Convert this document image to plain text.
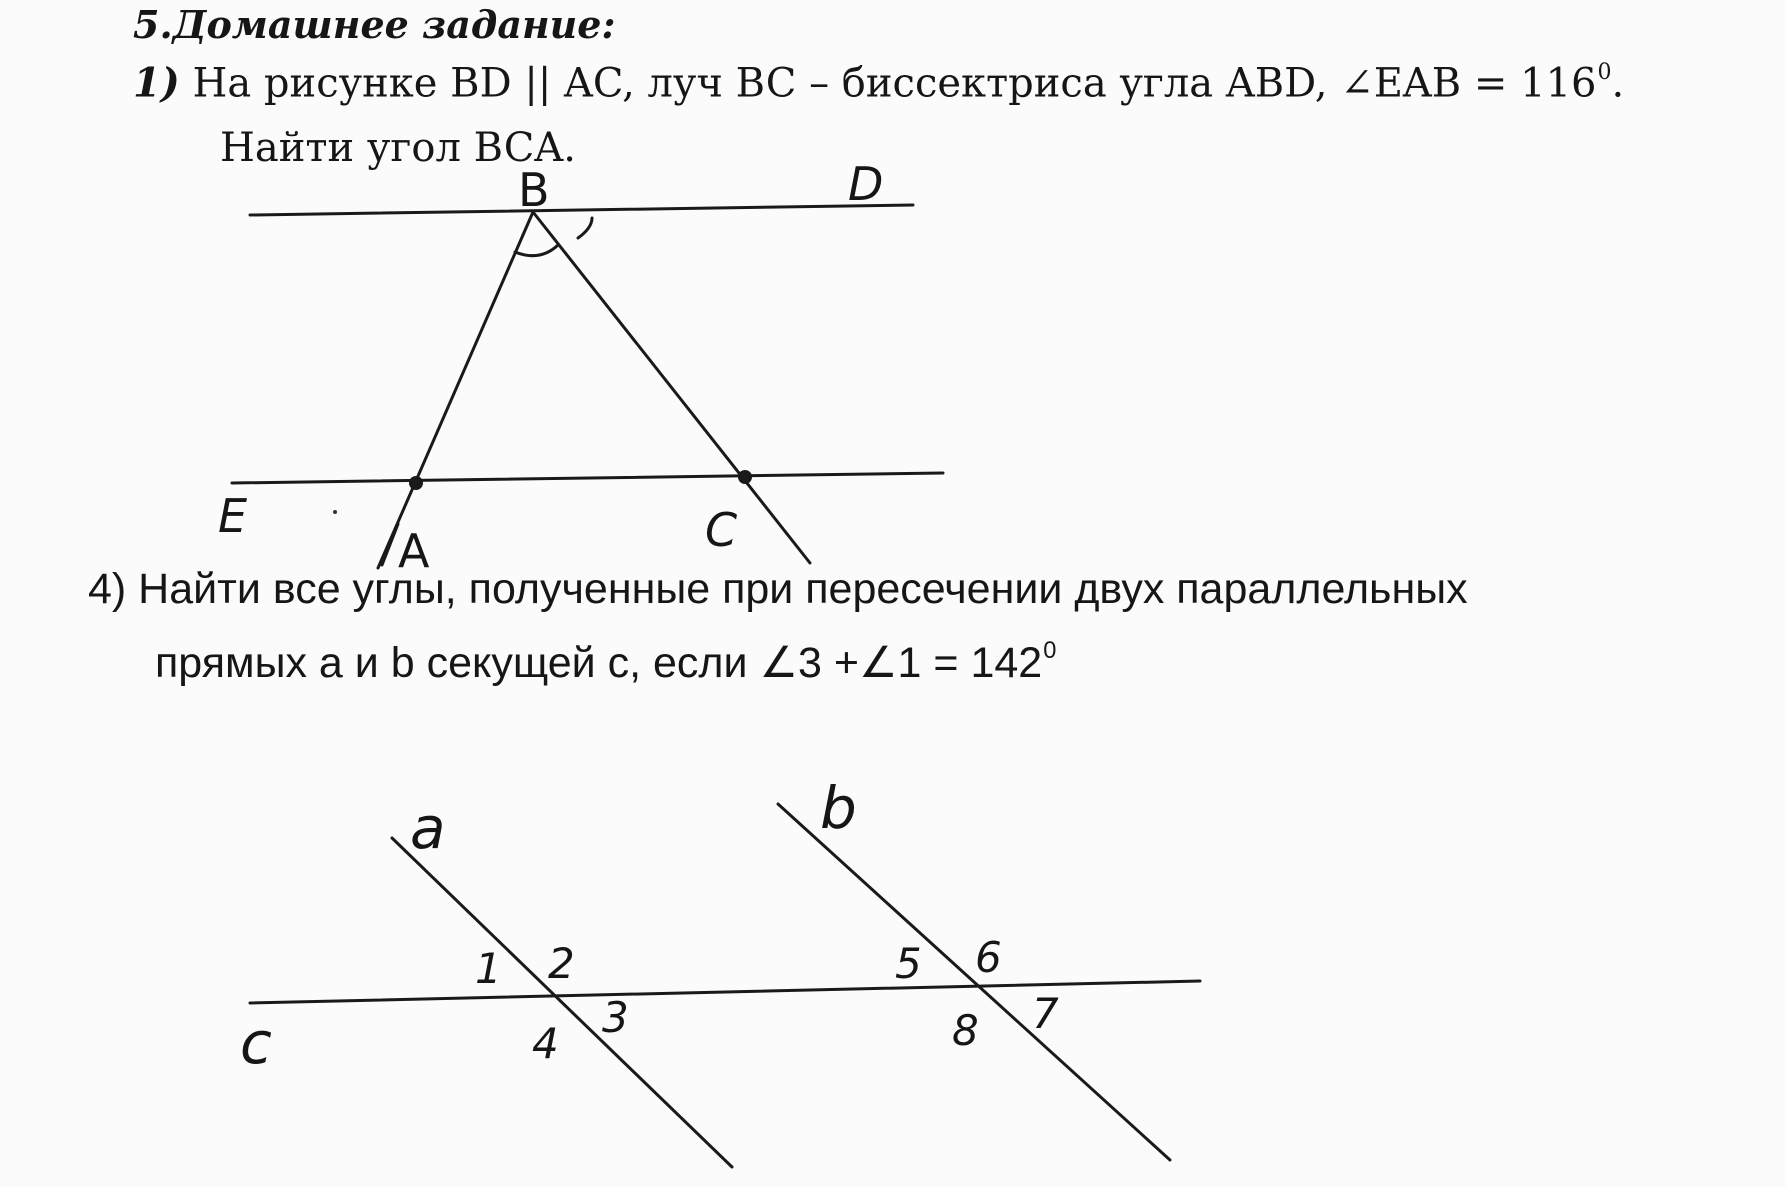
5.Домашнее задание:
1) На рисунке BD || AC, луч BC – биссектриса угла ABD, ∠EAB = $116^0$.
Найти угол BCA.
4) Найти все углы, полученные при пересечении двух параллельных
прямых a и b секущей c, если ∠3 +∠1 = $142^0$
B	D
E
A	C
a	b
c
1 2
3
4
5 6
7
8
